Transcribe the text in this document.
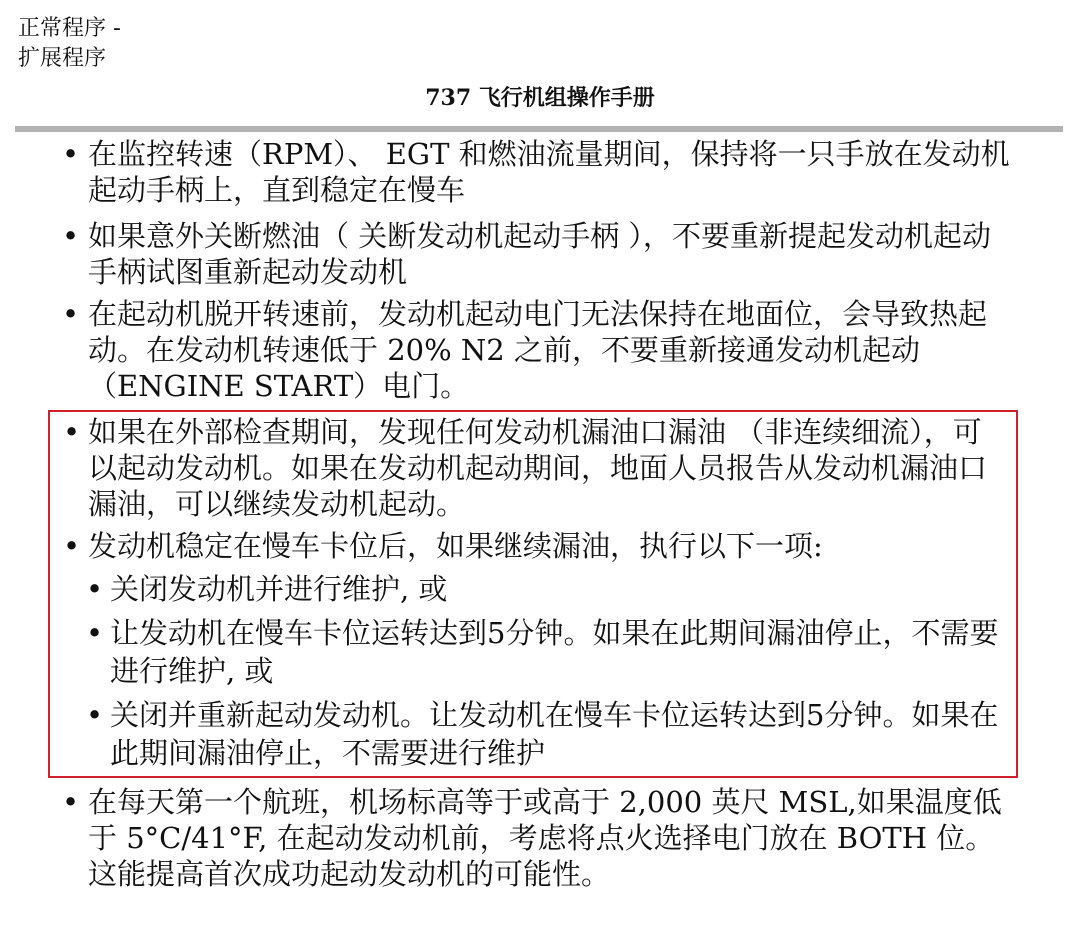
正常程序 -
扩展程序
737 飞行机组操作手册

• 在监控转速（RPM）、 EGT 和燃油流量期间，保持将一只手放在发动机起动手柄上，直到稳定在慢车

• 如果意外关断燃油（ 关断发动机起动手柄 ），不要重新提起发动机起动手柄试图重新起动发动机

• 在起动机脱开转速前，发动机起动电门无法保持在地面位，会导致热起动。在发动机转速低于 20% N2 之前，不要重新接通发动机起动（ENGINE START）电门。

• 如果在外部检查期间，发现任何发动机漏油口漏油 （非连续细流），可以起动发动机。如果在发动机起动期间，地面人员报告从发动机漏油口漏油，可以继续发动机起动。

• 发动机稳定在慢车卡位后，如果继续漏油，执行以下一项:

• 关闭发动机并进行维护, 或

• 让发动机在慢车卡位运转达到5分钟。如果在此期间漏油停止，不需要进行维护, 或

• 关闭并重新起动发动机。让发动机在慢车卡位运转达到5分钟。如果在此期间漏油停止，不需要进行维护

• 在每天第一个航班，机场标高等于或高于 2,000 英尺 MSL,如果温度低于 5°C/41°F, 在起动发动机前，考虑将点火选择电门放在 BOTH 位。这能提高首次成功起动发动机的可能性。
